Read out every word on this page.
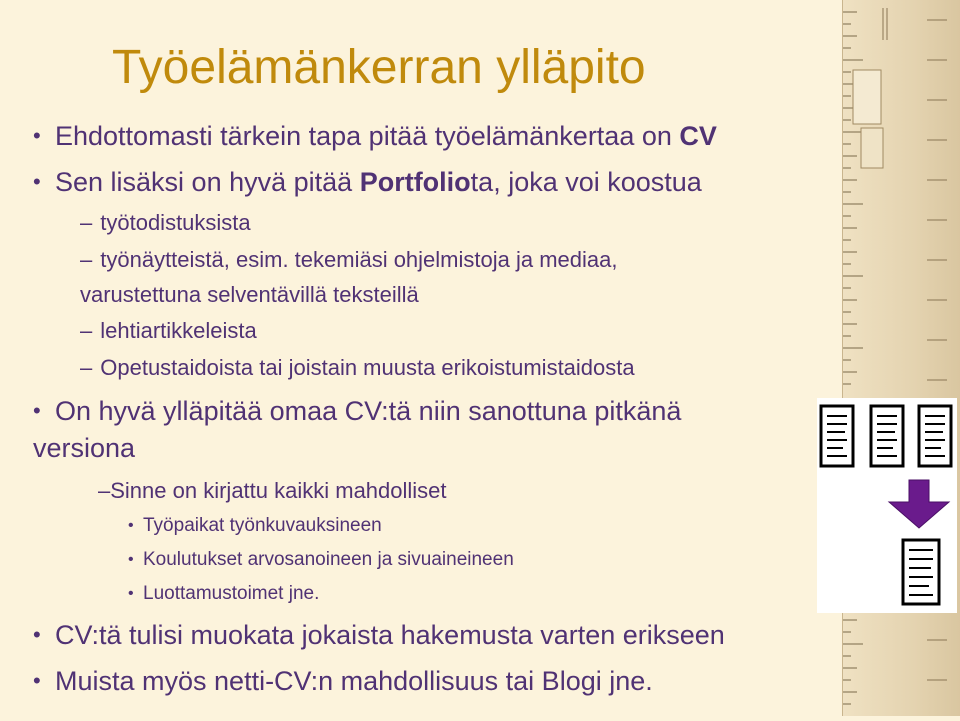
Työelämänkerran ylläpito
• Ehdottomasti tärkein tapa pitää työelämänkertaa on CV
• Sen lisäksi on hyvä pitää Portfoliota, joka voi koostua
– työtodistuksista
– työnäytteistä, esim. tekemiäsi ohjelmistoja ja mediaa,
varustettuna selventävillä teksteillä
– lehtiartikkeleista
– Opetustaidoista tai joistain muusta erikoistumistaidosta
• On hyvä ylläpitää omaa CV:tä niin sanottuna pitkänä
versiona
–Sinne on kirjattu kaikki mahdolliset
• Työpaikat työnkuvauksineen
• Koulutukset arvosanoineen ja sivuaineineen
• Luottamustoimet jne.
• CV:tä tulisi muokata jokaista hakemusta varten erikseen
• Muista myös netti-CV:n mahdollisuus tai Blogi jne.
